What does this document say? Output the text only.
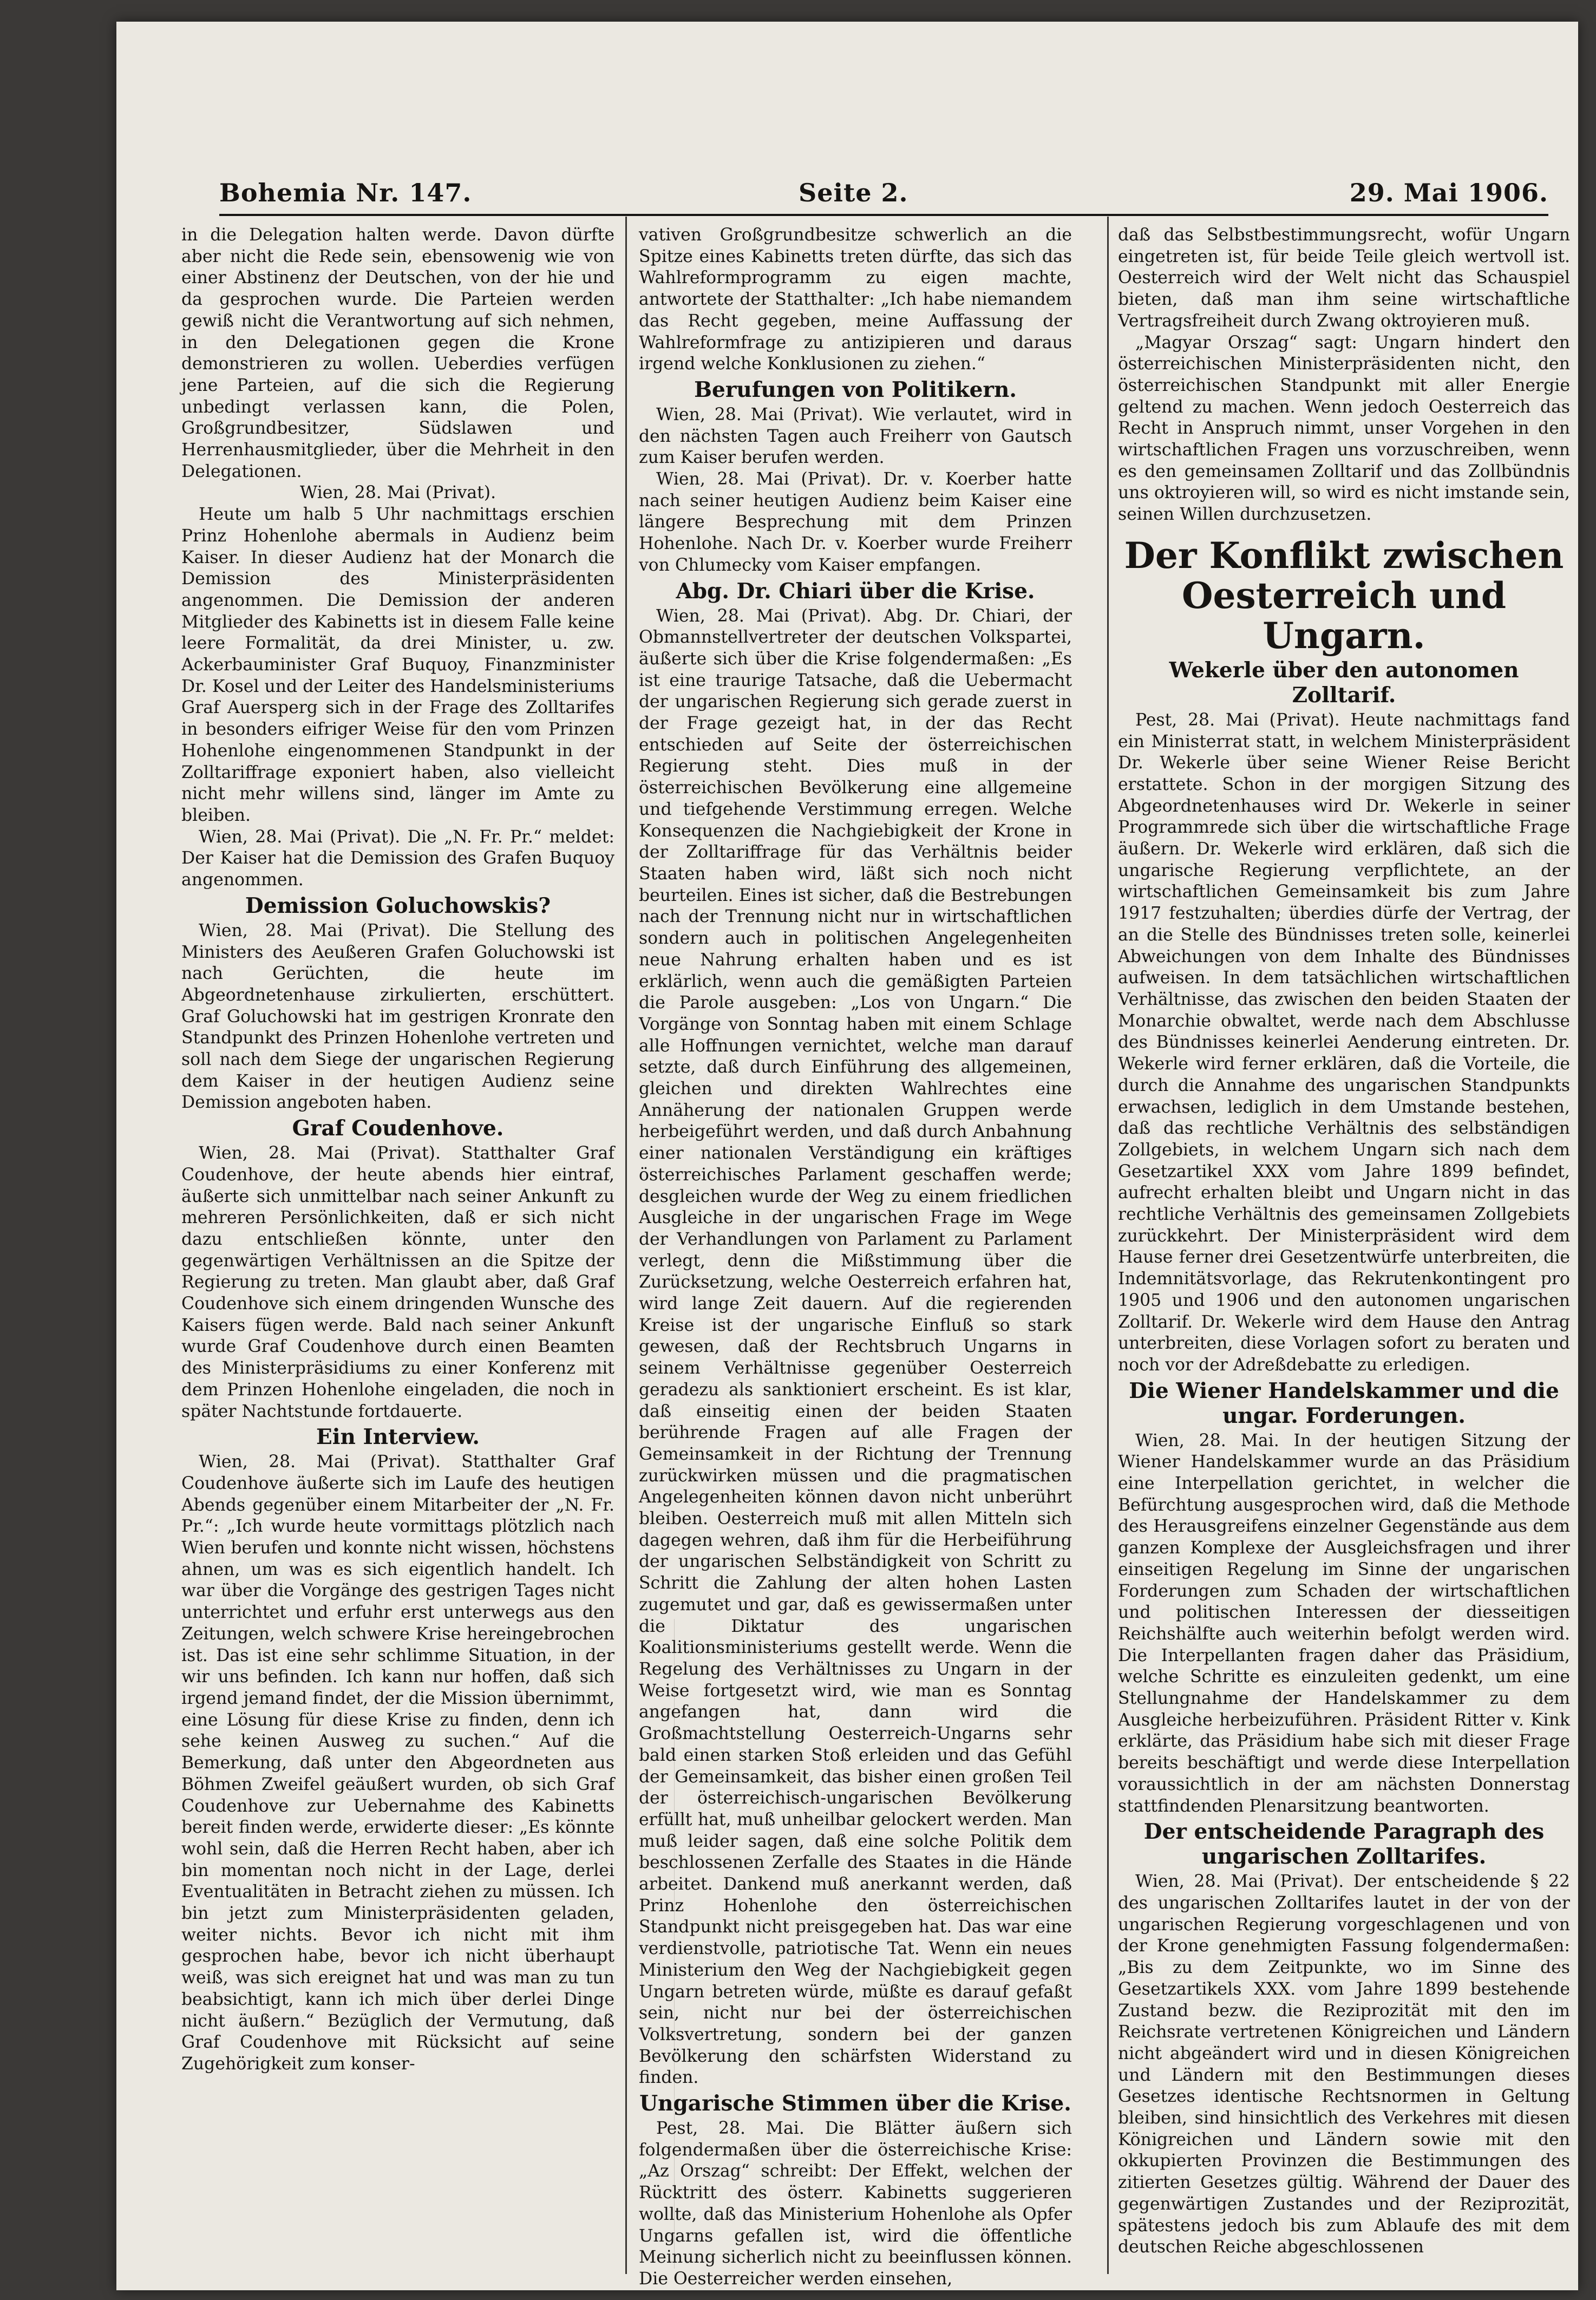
Bohemia Nr. 147.	Seite 2.	29. Mai 1906.

in die Delegation halten werde. Davon dürfte aber nicht die Rede sein, ebensowenig wie von einer Abstinenz der Deutschen, von der hie und da gesprochen wurde. Die Parteien werden gewiß nicht die Verantwortung auf sich nehmen, in den Delegationen gegen die Krone demonstrieren zu wollen. Ueberdies verfügen jene Parteien, auf die sich die Regierung unbedingt verlassen kann, die Polen, Großgrundbesitzer, Südslawen und Herrenhausmitglieder, über die Mehrheit in den Delegationen.

Wien, 28. Mai (Privat).

Heute um halb 5 Uhr nachmittags erschien Prinz Hohenlohe abermals in Audienz beim Kaiser. In dieser Audienz hat der Monarch die Demission des Ministerpräsidenten angenommen. Die Demission der anderen Mitglieder des Kabinetts ist in diesem Falle keine leere Formalität, da drei Minister, u. zw. Ackerbauminister Graf Buquoy, Finanzminister Dr. Kosel und der Leiter des Handelsministeriums Graf Auersperg sich in der Frage des Zolltarifes in besonders eifriger Weise für den vom Prinzen Hohenlohe eingenommenen Standpunkt in der Zolltariffrage exponiert haben, also vielleicht nicht mehr willens sind, länger im Amte zu bleiben.

Wien, 28. Mai (Privat). Die „N. Fr. Pr.“ meldet: Der Kaiser hat die Demission des Grafen Buquoy angenommen.

Demission Goluchowskis?

Wien, 28. Mai (Privat). Die Stellung des Ministers des Aeußeren Grafen Goluchowski ist nach Gerüchten, die heute im Abgeordnetenhause zirkulierten, erschüttert. Graf Goluchowski hat im gestrigen Kronrate den Standpunkt des Prinzen Hohenlohe vertreten und soll nach dem Siege der ungarischen Regierung dem Kaiser in der heutigen Audienz seine Demission angeboten haben.

Graf Coudenhove.

Wien, 28. Mai (Privat). Statthalter Graf Coudenhove, der heute abends hier eintraf, äußerte sich unmittelbar nach seiner Ankunft zu mehreren Persönlichkeiten, daß er sich nicht dazu entschließen könnte, unter den gegenwärtigen Verhältnissen an die Spitze der Regierung zu treten. Man glaubt aber, daß Graf Coudenhove sich einem dringenden Wunsche des Kaisers fügen werde. Bald nach seiner Ankunft wurde Graf Coudenhove durch einen Beamten des Ministerpräsidiums zu einer Konferenz mit dem Prinzen Hohenlohe eingeladen, die noch in später Nachtstunde fortdauerte.

Ein Interview.

Wien, 28. Mai (Privat). Statthalter Graf Coudenhove äußerte sich im Laufe des heutigen Abends gegenüber einem Mitarbeiter der „N. Fr. Pr.“: „Ich wurde heute vormittags plötzlich nach Wien berufen und konnte nicht wissen, höchstens ahnen, um was es sich eigentlich handelt. Ich war über die Vorgänge des gestrigen Tages nicht unterrichtet und erfuhr erst unterwegs aus den Zeitungen, welch schwere Krise hereingebrochen ist. Das ist eine sehr schlimme Situation, in der wir uns befinden. Ich kann nur hoffen, daß sich irgend jemand findet, der die Mission übernimmt, eine Lösung für diese Krise zu finden, denn ich sehe keinen Ausweg zu suchen.“ Auf die Bemerkung, daß unter den Abgeordneten aus Böhmen Zweifel geäußert wurden, ob sich Graf Coudenhove zur Uebernahme des Kabinetts bereit finden werde, erwiderte dieser: „Es könnte wohl sein, daß die Herren Recht haben, aber ich bin momentan noch nicht in der Lage, derlei Eventualitäten in Betracht ziehen zu müssen. Ich bin jetzt zum Ministerpräsidenten geladen, weiter nichts. Bevor ich nicht mit ihm gesprochen habe, bevor ich nicht überhaupt weiß, was sich ereignet hat und was man zu tun beabsichtigt, kann ich mich über derlei Dinge nicht äußern.“ Bezüglich der Vermutung, daß Graf Coudenhove mit Rücksicht auf seine Zugehörigkeit zum konser-

vativen Großgrundbesitze schwerlich an die Spitze eines Kabinetts treten dürfte, das sich das Wahlreformprogramm zu eigen machte, antwortete der Statthalter: „Ich habe niemandem das Recht gegeben, meine Auffassung der Wahlreformfrage zu antizipieren und daraus irgend welche Konklusionen zu ziehen.“

Berufungen von Politikern.

Wien, 28. Mai (Privat). Wie verlautet, wird in den nächsten Tagen auch Freiherr von Gautsch zum Kaiser berufen werden.

Wien, 28. Mai (Privat). Dr. v. Koerber hatte nach seiner heutigen Audienz beim Kaiser eine längere Besprechung mit dem Prinzen Hohenlohe. Nach Dr. v. Koerber wurde Freiherr von Chlumecky vom Kaiser empfangen.

Abg. Dr. Chiari über die Krise.

Wien, 28. Mai (Privat). Abg. Dr. Chiari, der Obmannstellvertreter der deutschen Volkspartei, äußerte sich über die Krise folgendermaßen: „Es ist eine traurige Tatsache, daß die Uebermacht der ungarischen Regierung sich gerade zuerst in der Frage gezeigt hat, in der das Recht entschieden auf Seite der österreichischen Regierung steht. Dies muß in der österreichischen Bevölkerung eine allgemeine und tiefgehende Verstimmung erregen. Welche Konsequenzen die Nachgiebigkeit der Krone in der Zolltariffrage für das Verhältnis beider Staaten haben wird, läßt sich noch nicht beurteilen. Eines ist sicher, daß die Bestrebungen nach der Trennung nicht nur in wirtschaftlichen sondern auch in politischen Angelegenheiten neue Nahrung erhalten haben und es ist erklärlich, wenn auch die gemäßigten Parteien die Parole ausgeben: „Los von Ungarn.“ Die Vorgänge von Sonntag haben mit einem Schlage alle Hoffnungen vernichtet, welche man darauf setzte, daß durch Einführung des allgemeinen, gleichen und direkten Wahlrechtes eine Annäherung der nationalen Gruppen werde herbeigeführt werden, und daß durch Anbahnung einer nationalen Verständigung ein kräftiges österreichisches Parlament geschaffen werde; desgleichen wurde der Weg zu einem friedlichen Ausgleiche in der ungarischen Frage im Wege der Verhandlungen von Parlament zu Parlament verlegt, denn die Mißstimmung über die Zurücksetzung, welche Oesterreich erfahren hat, wird lange Zeit dauern. Auf die regierenden Kreise ist der ungarische Einfluß so stark gewesen, daß der Rechtsbruch Ungarns in seinem Verhältnisse gegenüber Oesterreich geradezu als sanktioniert erscheint. Es ist klar, daß einseitig einen der beiden Staaten berührende Fragen auf alle Fragen der Gemeinsamkeit in der Richtung der Trennung zurückwirken müssen und die pragmatischen Angelegenheiten können davon nicht unberührt bleiben. Oesterreich muß mit allen Mitteln sich dagegen wehren, daß ihm für die Herbeiführung der ungarischen Selbständigkeit von Schritt zu Schritt die Zahlung der alten hohen Lasten zugemutet und gar, daß es gewissermaßen unter die Diktatur des ungarischen Koalitionsministeriums gestellt werde. Wenn die Regelung des Verhältnisses zu Ungarn in der Weise fortgesetzt wird, wie man es Sonntag angefangen hat, dann wird die Großmachtstellung Oesterreich-Ungarns sehr bald einen starken Stoß erleiden und das Gefühl der Gemeinsamkeit, das bisher einen großen Teil der österreichisch-ungarischen Bevölkerung erfüllt hat, muß unheilbar gelockert werden. Man muß leider sagen, daß eine solche Politik dem beschlossenen Zerfalle des Staates in die Hände arbeitet. Dankend muß anerkannt werden, daß Prinz Hohenlohe den österreichischen Standpunkt nicht preisgegeben hat. Das war eine verdienstvolle, patriotische Tat. Wenn ein neues Ministerium den Weg der Nachgiebigkeit gegen Ungarn betreten würde, müßte es darauf gefaßt sein, nicht nur bei der österreichischen Volksvertretung, sondern bei der ganzen Bevölkerung den schärfsten Widerstand zu finden.

Ungarische Stimmen über die Krise.

Pest, 28. Mai. Die Blätter äußern sich folgendermaßen über die österreichische Krise: „Az Orszag“ schreibt: Der Effekt, welchen der Rücktritt des österr. Kabinetts suggerieren wollte, daß das Ministerium Hohenlohe als Opfer Ungarns gefallen ist, wird die öffentliche Meinung sicherlich nicht zu beeinflussen können. Die Oesterreicher werden einsehen,

daß das Selbstbestimmungsrecht, wofür Ungarn eingetreten ist, für beide Teile gleich wertvoll ist. Oesterreich wird der Welt nicht das Schauspiel bieten, daß man ihm seine wirtschaftliche Vertragsfreiheit durch Zwang oktroyieren muß.

„Magyar Orszag“ sagt: Ungarn hindert den österreichischen Ministerpräsidenten nicht, den österreichischen Standpunkt mit aller Energie geltend zu machen. Wenn jedoch Oesterreich das Recht in Anspruch nimmt, unser Vorgehen in den wirtschaftlichen Fragen uns vorzuschreiben, wenn es den gemeinsamen Zolltarif und das Zollbündnis uns oktroyieren will, so wird es nicht imstande sein, seinen Willen durchzusetzen.

Der Konflikt zwischen Oesterreich und Ungarn.
Wekerle über den autonomen Zolltarif.

Pest, 28. Mai (Privat). Heute nachmittags fand ein Ministerrat statt, in welchem Ministerpräsident Dr. Wekerle über seine Wiener Reise Bericht erstattete. Schon in der morgigen Sitzung des Abgeordnetenhauses wird Dr. Wekerle in seiner Programmrede sich über die wirtschaftliche Frage äußern. Dr. Wekerle wird erklären, daß sich die ungarische Regierung verpflichtete, an der wirtschaftlichen Gemeinsamkeit bis zum Jahre 1917 festzuhalten; überdies dürfe der Vertrag, der an die Stelle des Bündnisses treten solle, keinerlei Abweichungen von dem Inhalte des Bündnisses aufweisen. In dem tatsächlichen wirtschaftlichen Verhältnisse, das zwischen den beiden Staaten der Monarchie obwaltet, werde nach dem Abschlusse des Bündnisses keinerlei Aenderung eintreten. Dr. Wekerle wird ferner erklären, daß die Vorteile, die durch die Annahme des ungarischen Standpunkts erwachsen, lediglich in dem Umstande bestehen, daß das rechtliche Verhältnis des selbständigen Zollgebiets, in welchem Ungarn sich nach dem Gesetzartikel XXX vom Jahre 1899 befindet, aufrecht erhalten bleibt und Ungarn nicht in das rechtliche Verhältnis des gemeinsamen Zollgebiets zurückkehrt. Der Ministerpräsident wird dem Hause ferner drei Gesetzentwürfe unterbreiten, die Indemnitätsvorlage, das Rekrutenkontingent pro 1905 und 1906 und den autonomen ungarischen Zolltarif. Dr. Wekerle wird dem Hause den Antrag unterbreiten, diese Vorlagen sofort zu beraten und noch vor der Adreßdebatte zu erledigen.

Die Wiener Handelskammer und die ungar. Forderungen.

Wien, 28. Mai. In der heutigen Sitzung der Wiener Handelskammer wurde an das Präsidium eine Interpellation gerichtet, in welcher die Befürchtung ausgesprochen wird, daß die Methode des Herausgreifens einzelner Gegenstände aus dem ganzen Komplexe der Ausgleichsfragen und ihrer einseitigen Regelung im Sinne der ungarischen Forderungen zum Schaden der wirtschaftlichen und politischen Interessen der diesseitigen Reichshälfte auch weiterhin befolgt werden wird. Die Interpellanten fragen daher das Präsidium, welche Schritte es einzuleiten gedenkt, um eine Stellungnahme der Handelskammer zu dem Ausgleiche herbeizuführen. Präsident Ritter v. Kink erklärte, das Präsidium habe sich mit dieser Frage bereits beschäftigt und werde diese Interpellation voraussichtlich in der am nächsten Donnerstag stattfindenden Plenarsitzung beantworten.

Der entscheidende Paragraph des ungarischen Zolltarifes.

Wien, 28. Mai (Privat). Der entscheidende § 22 des ungarischen Zolltarifes lautet in der von der ungarischen Regierung vorgeschlagenen und von der Krone genehmigten Fassung folgendermaßen: „Bis zu dem Zeitpunkte, wo im Sinne des Gesetzartikels XXX. vom Jahre 1899 bestehende Zustand bezw. die Reziprozität mit den im Reichsrate vertretenen Königreichen und Ländern nicht abgeändert wird und in diesen Königreichen und Ländern mit den Bestimmungen dieses Gesetzes identische Rechtsnormen in Geltung bleiben, sind hinsichtlich des Verkehres mit diesen Königreichen und Ländern sowie mit den okkupierten Provinzen die Bestimmungen des zitierten Gesetzes gültig. Während der Dauer des gegenwärtigen Zustandes und der Reziprozität, spätestens jedoch bis zum Ablaufe des mit dem deutschen Reiche abgeschlossenen
